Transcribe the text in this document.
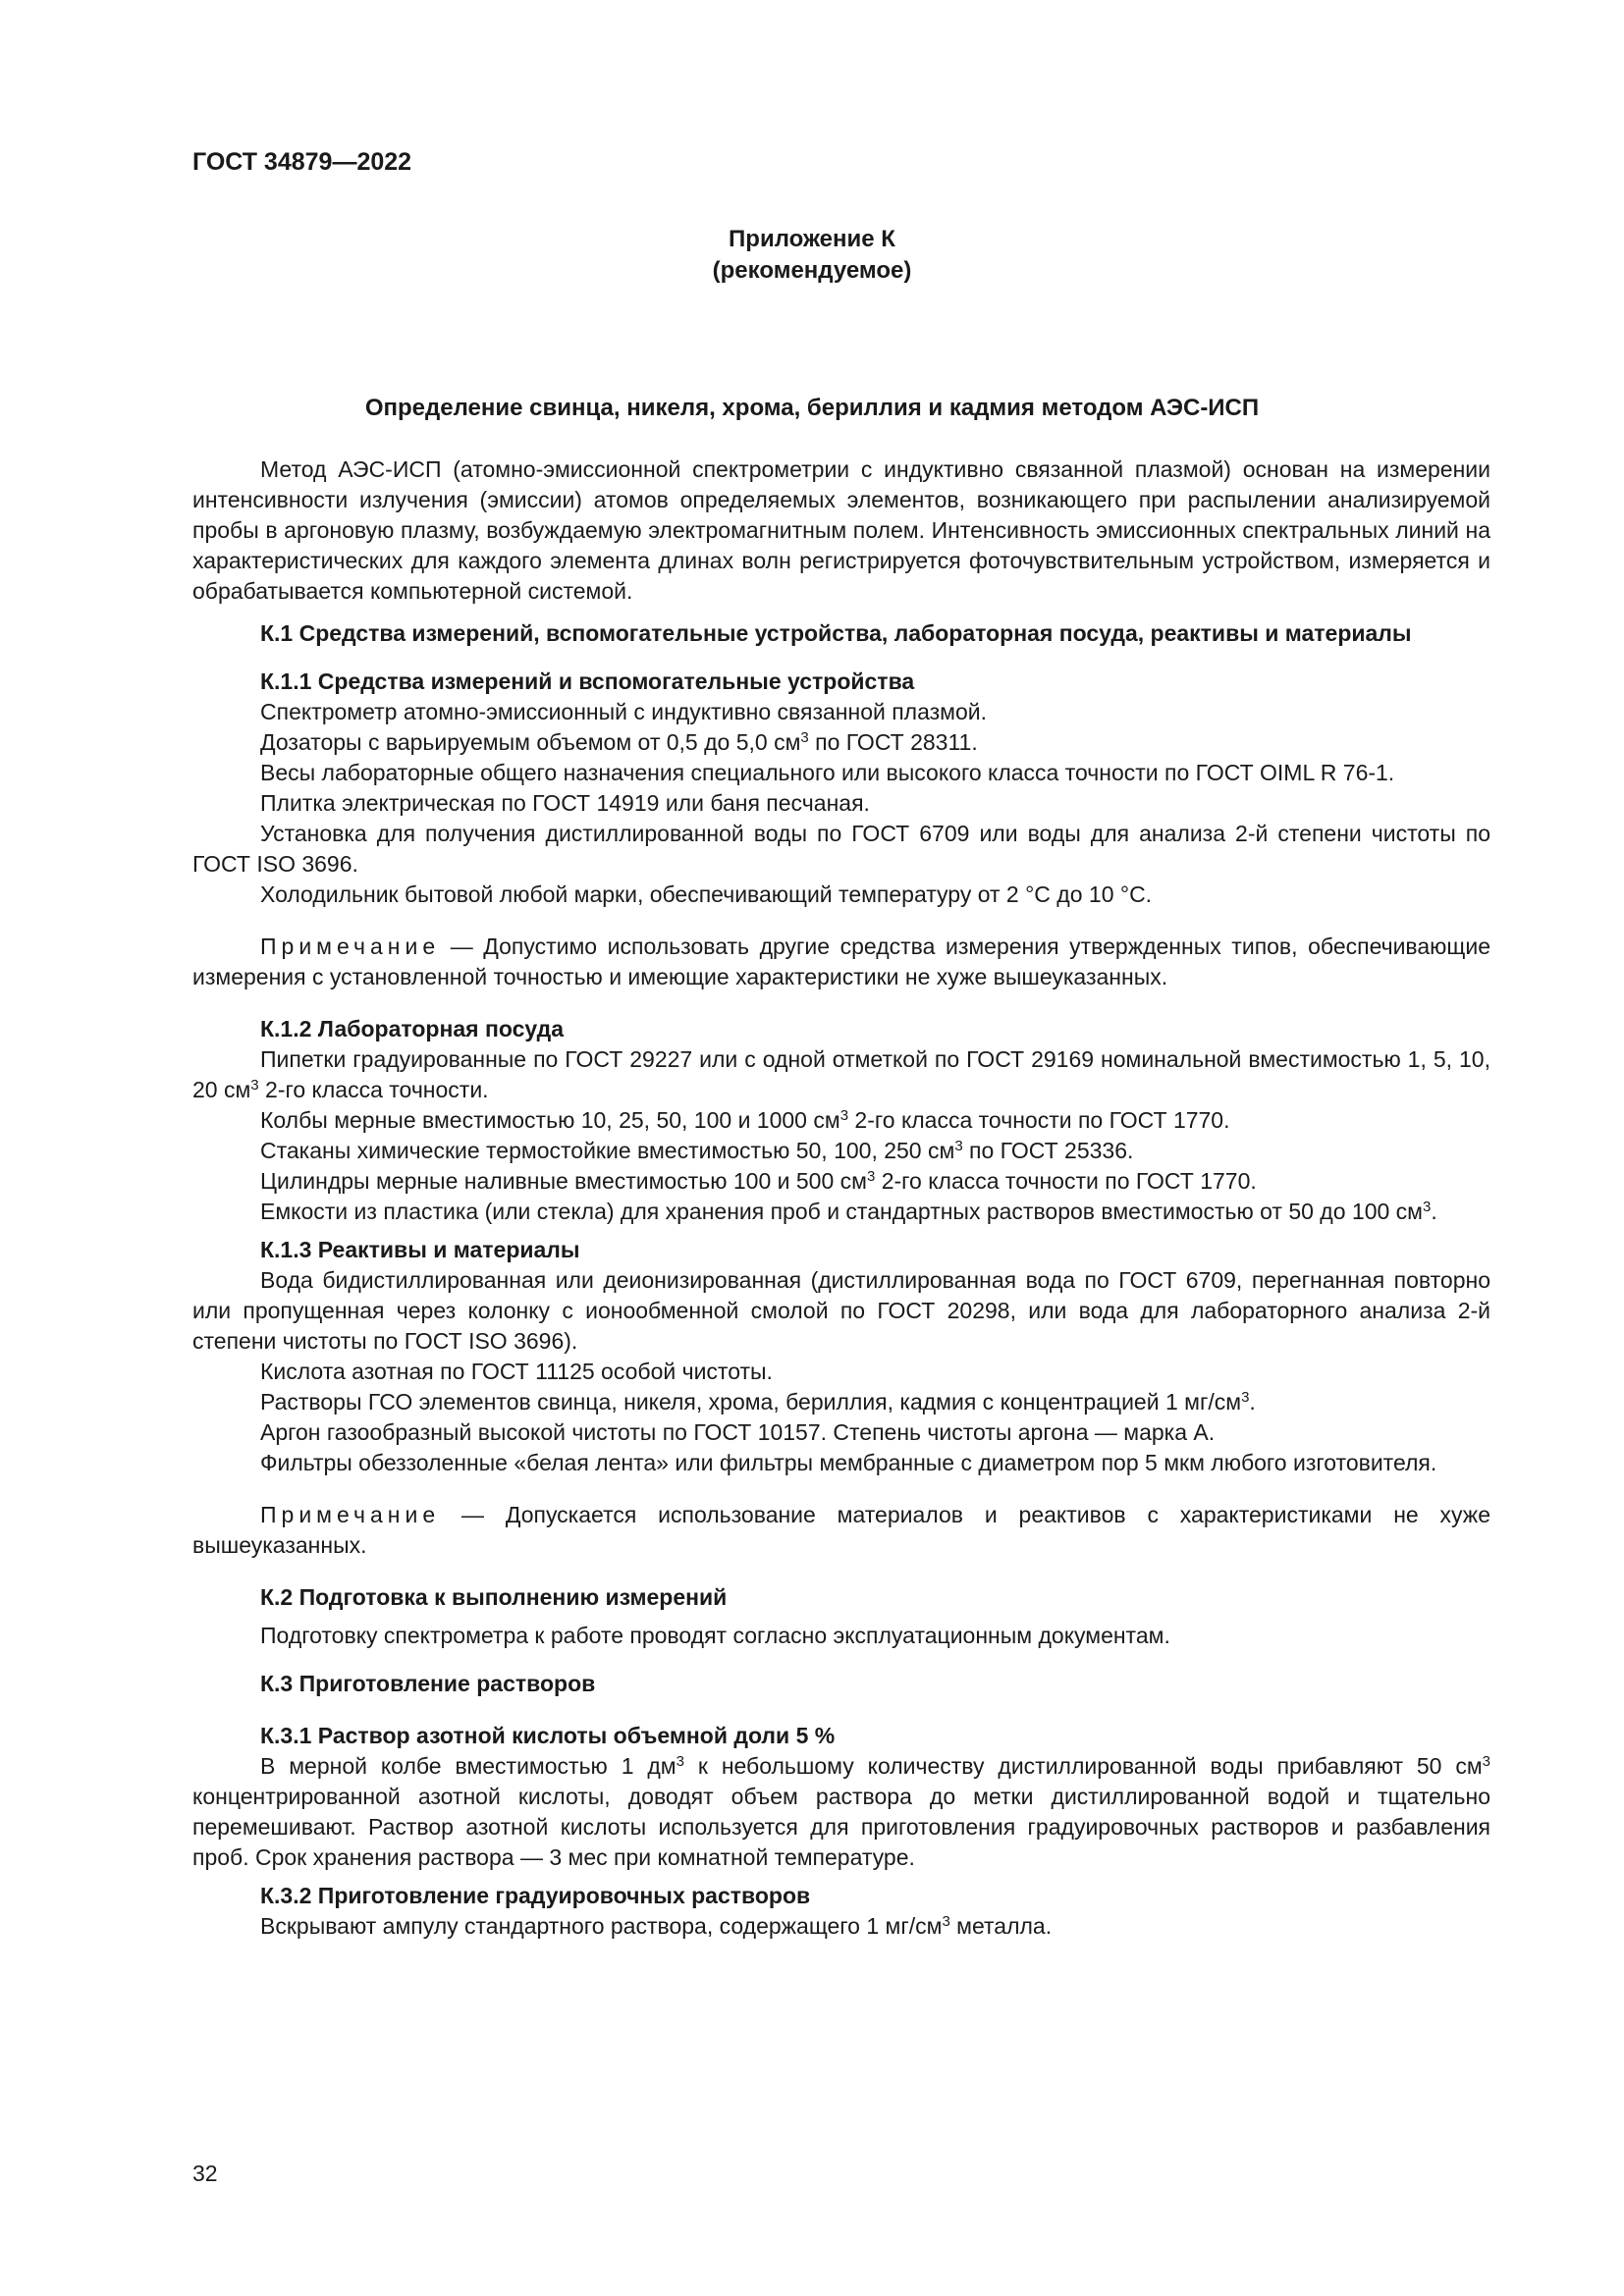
ГОСТ 34879—2022
Приложение К
(рекомендуемое)
Определение свинца, никеля, хрома, бериллия и кадмия методом АЭС-ИСП

Метод АЭС-ИСП (атомно-эмиссионной спектрометрии с индуктивно связанной плазмой) основан на измерении интенсивности излучения (эмиссии) атомов определяемых элементов, возникающего при распылении анализируемой пробы в аргоновую плазму, возбуждаемую электромагнитным полем. Интенсивность эмиссионных спектральных линий на характеристических для каждого элемента длинах волн регистрируется фоточувствительным устройством, измеряется и обрабатывается компьютерной системой.

К.1 Средства измерений, вспомогательные устройства, лабораторная посуда, реактивы и материалы

К.1.1 Средства измерений и вспомогательные устройства

Спектрометр атомно-эмиссионный с индуктивно связанной плазмой.

Дозаторы с варьируемым объемом от 0,5 до 5,0 $см^3$ по ГОСТ 28311.

Весы лабораторные общего назначения специального или высокого класса точности по ГОСТ OIML R 76-1.

Плитка электрическая по ГОСТ 14919 или баня песчаная.

Установка для получения дистиллированной воды по ГОСТ 6709 или воды для анализа 2-й степени чистоты по ГОСТ ISO 3696.

Холодильник бытовой любой марки, обеспечивающий температуру от 2 °С до 10 °С.

Примечание — Допустимо использовать другие средства измерения утвержденных типов, обеспечивающие измерения с установленной точностью и имеющие характеристики не хуже вышеуказанных.

К.1.2 Лабораторная посуда

Пипетки градуированные по ГОСТ 29227 или с одной отметкой по ГОСТ 29169 номинальной вместимостью 1, 5, 10, 20 $см^3$ 2-го класса точности.

Колбы мерные вместимостью 10, 25, 50, 100 и 1000 $см^3$ 2-го класса точности по ГОСТ 1770.

Стаканы химические термостойкие вместимостью 50, 100, 250 $см^3$ по ГОСТ 25336.

Цилиндры мерные наливные вместимостью 100 и 500 $см^3$ 2-го класса точности по ГОСТ 1770.

Емкости из пластика (или стекла) для хранения проб и стандартных растворов вместимостью от 50 до 100 $см^3$.

К.1.3 Реактивы и материалы

Вода бидистиллированная или деионизированная (дистиллированная вода по ГОСТ 6709, перегнанная повторно или пропущенная через колонку с ионообменной смолой по ГОСТ 20298, или вода для лабораторного анализа 2-й степени чистоты по ГОСТ ISO 3696).

Кислота азотная по ГОСТ 11125 особой чистоты.

Растворы ГСО элементов свинца, никеля, хрома, бериллия, кадмия с концентрацией 1 $мг/см^3$.

Аргон газообразный высокой чистоты по ГОСТ 10157. Степень чистоты аргона — марка А.

Фильтры обеззоленные «белая лента» или фильтры мембранные с диаметром пор 5 мкм любого изготовителя.

Примечание — Допускается использование материалов и реактивов с характеристиками не хуже вышеуказанных.

К.2 Подготовка к выполнению измерений

Подготовку спектрометра к работе проводят согласно эксплуатационным документам.

К.3 Приготовление растворов

К.3.1 Раствор азотной кислоты объемной доли 5 %

В мерной колбе вместимостью 1 $дм^3$ к небольшому количеству дистиллированной воды прибавляют 50 $см^3$ концентрированной азотной кислоты, доводят объем раствора до метки дистиллированной водой и тщательно перемешивают. Раствор азотной кислоты используется для приготовления градуировочных растворов и разбавления проб. Срок хранения раствора — 3 мес при комнатной температуре.

К.3.2 Приготовление градуировочных растворов

Вскрывают ампулу стандартного раствора, содержащего 1 $мг/см^3$ металла.

32
